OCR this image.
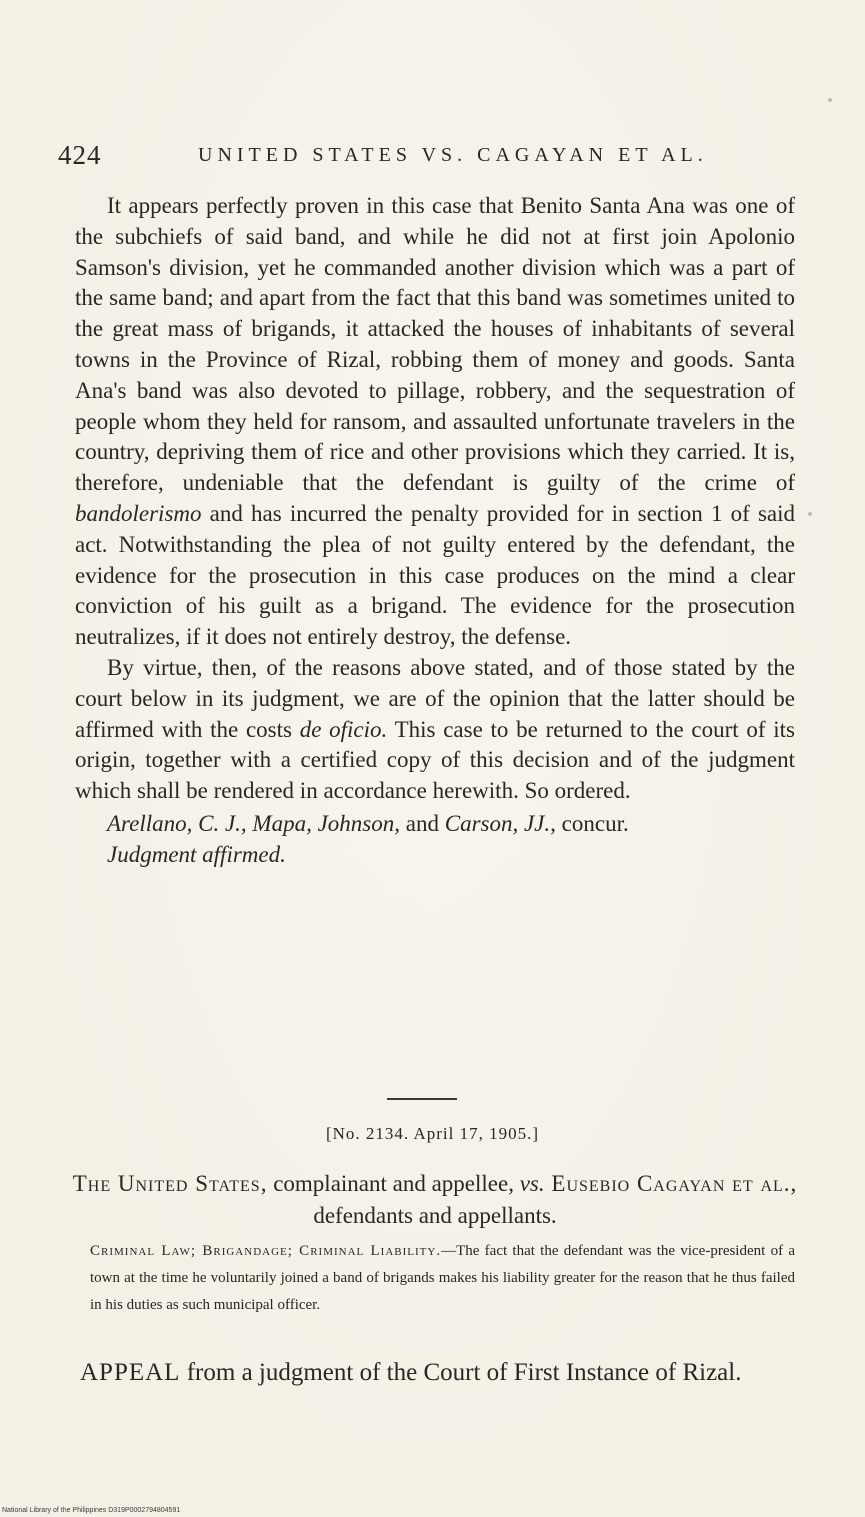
424	UNITED STATES VS. CAGAYAN ET AL.

It appears perfectly proven in this case that Benito Santa Ana was one of the subchiefs of said band, and while he did not at first join Apolonio Samson's division, yet he commanded another division which was a part of the same band; and apart from the fact that this band was sometimes united to the great mass of brigands, it attacked the houses of inhabitants of several towns in the Province of Rizal, robbing them of money and goods. Santa Ana's band was also devoted to pillage, robbery, and the sequestration of people whom they held for ransom, and assaulted unfortunate travelers in the country, depriving them of rice and other provisions which they carried. It is, therefore, undeniable that the defendant is guilty of the crime of bandolerismo and has incurred the penalty provided for in section 1 of said act. Notwithstanding the plea of not guilty entered by the defendant, the evidence for the prosecution in this case produces on the mind a clear conviction of his guilt as a brigand. The evidence for the prosecution neutralizes, if it does not entirely destroy, the defense.

By virtue, then, of the reasons above stated, and of those stated by the court below in its judgment, we are of the opinion that the latter should be affirmed with the costs de oficio. This case to be returned to the court of its origin, together with a certified copy of this decision and of the judgment which shall be rendered in accordance herewith. So ordered.

Arellano, C. J., Mapa, Johnson, and Carson, JJ., concur.
Judgment affirmed.
[No. 2134. April 17, 1905.]
The United States, complainant and appellee, vs. Eusebio Cagayan et al., defendants and appellants.
Criminal Law; Brigandage; Criminal Liability.—The fact that the defendant was the vice-president of a town at the time he voluntarily joined a band of brigands makes his liability greater for the reason that he thus failed in his duties as such municipal officer.
APPEAL from a judgment of the Court of First Instance of Rizal.
National Library of the Philippines D319P0002794804591
